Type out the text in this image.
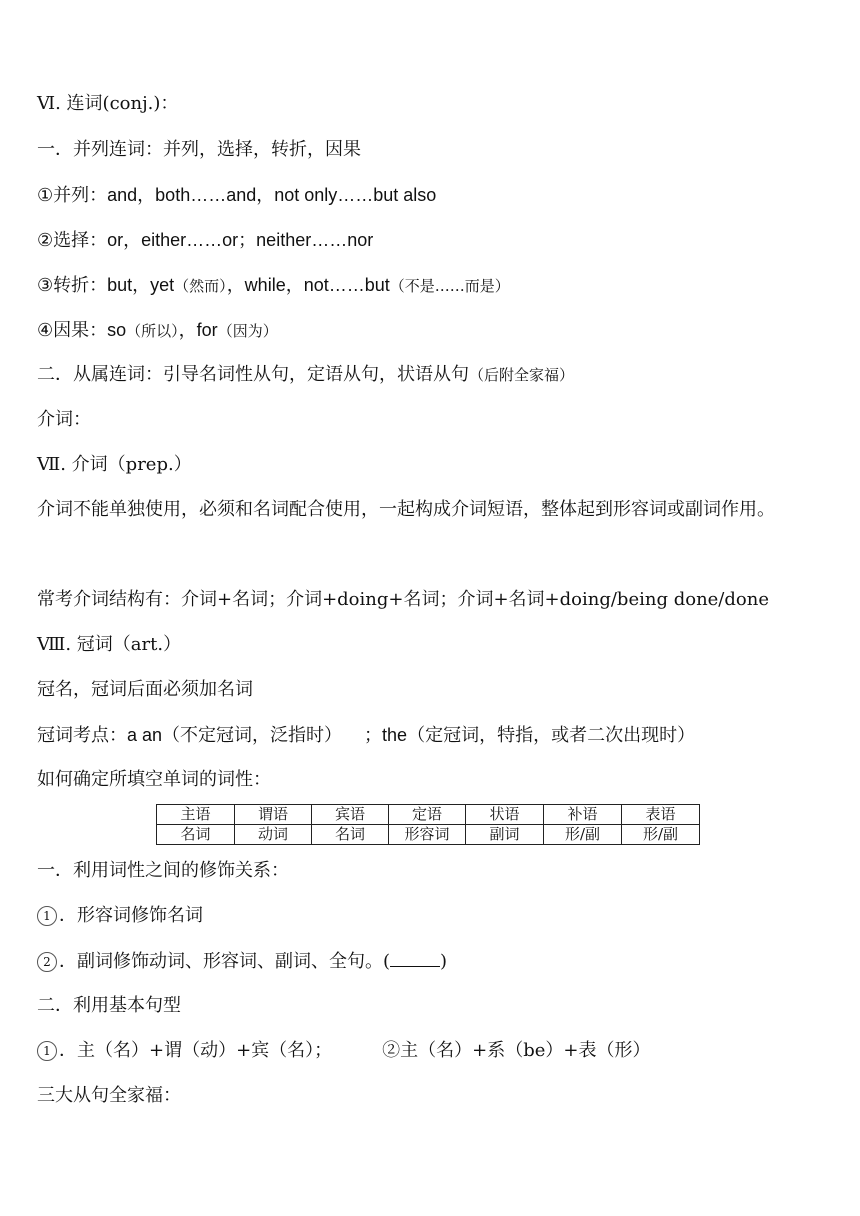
Ⅵ. 连词(conj.)：
一．并列连词：并列，选择，转折，因果
①并列：and，both……and，not only……but also
②选择：or，either……or；neither……nor
③转折：but，yet（然而），while，not……but（不是……而是）
④因果：so（所以），for（因为）
二．从属连词：引导名词性从句，定语从句，状语从句（后附全家福）
介词：
Ⅶ. 介词（prep.）
介词不能单独使用，必须和名词配合使用，一起构成介词短语，整体起到形容词或副词作用。
常考介词结构有：介词+名词；介词+doing+名词；介词+名词+doing/being done/done
Ⅷ. 冠词（art.）
冠名，冠词后面必须加名词
冠词考点：a an（不定冠词，泛指时） ；the（定冠词，特指，或者二次出现时）
如何确定所填空单词的词性：
主语	谓语	宾语	定语	状语	补语	表语
名词	动词	名词	形容词	副词	形/副	形/副
一．利用词性之间的修饰关系：
1 ．形容词修饰名词
2 ．副词修饰动词、形容词、副词、全句。(	)
二．利用基本句型
1 ．主（名）+谓（动）+宾（名）；	②主（名）+系（be）+表（形）
三大从句全家福：
